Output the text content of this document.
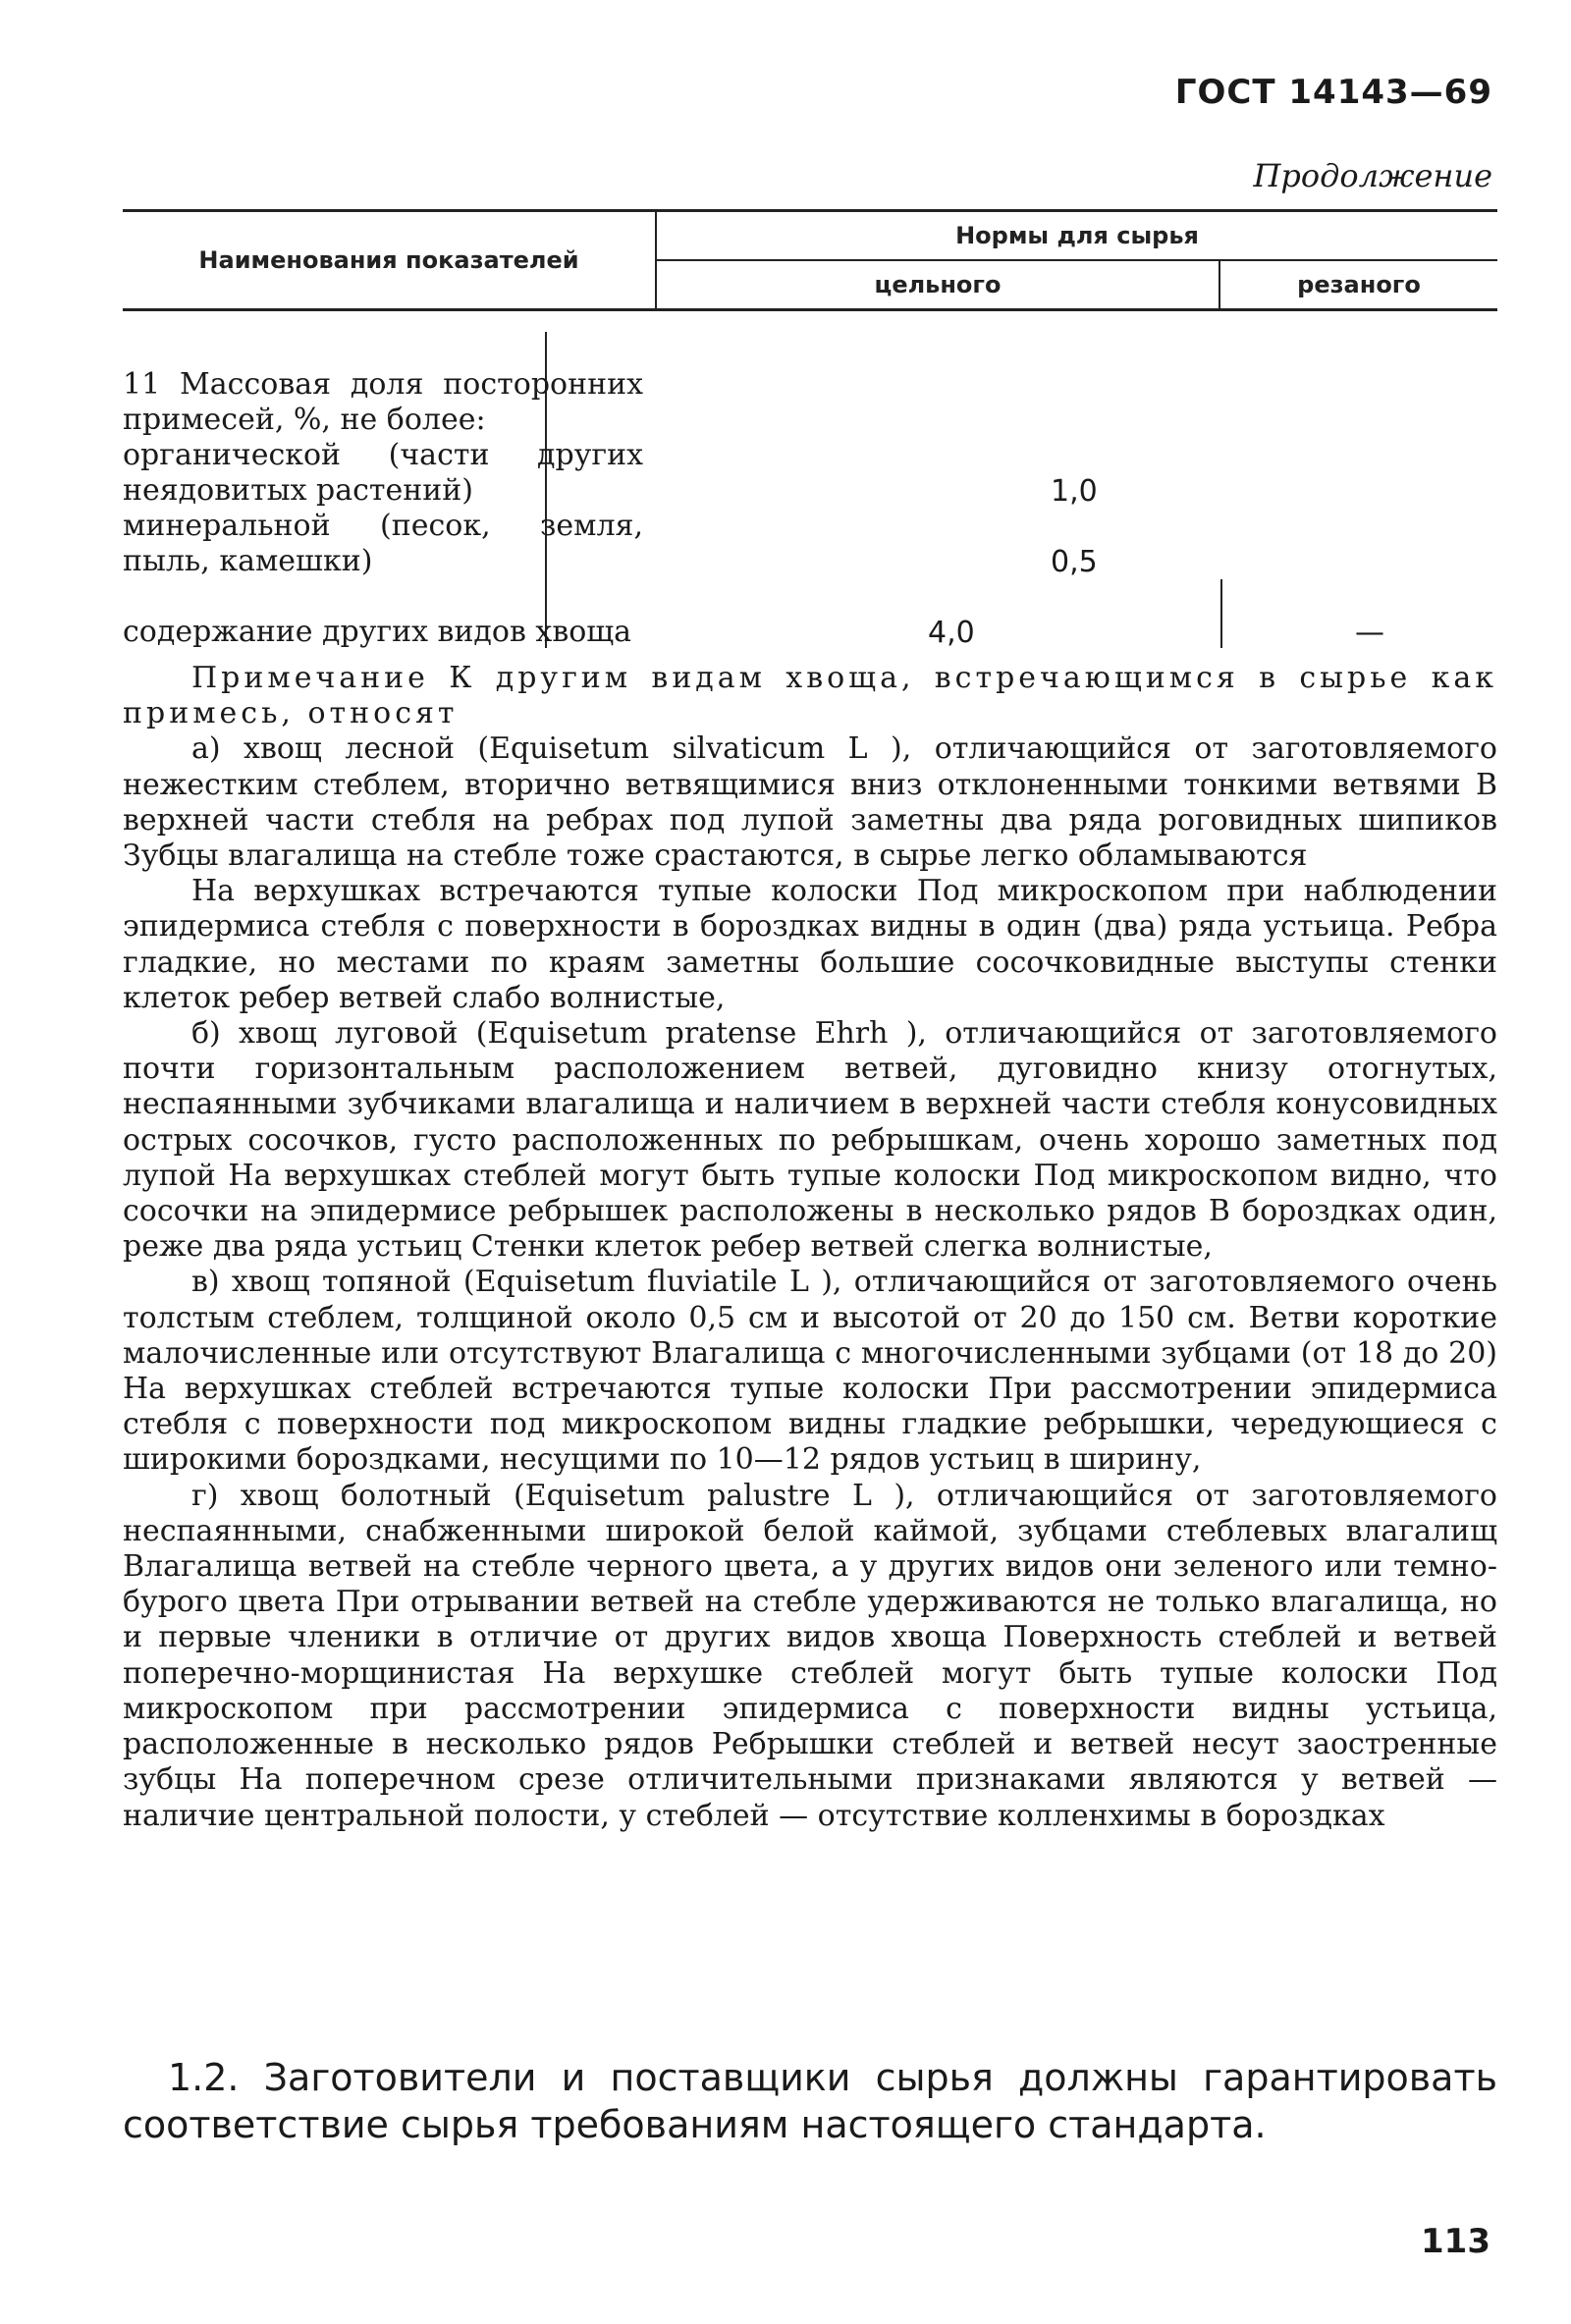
ГОСТ 14143—69
Продолжение
Наименования показателей	Нормы для сырья	
	цельного	резаного
11 Массовая доля посторонних примесей, %, не более:
органической (части других неядовитых растений)	1,0
минеральной (песок, земля, пыль, камешки)	0,5
содержание других видов хвоща	4,0	—

Примечание К другим видам хвоща, встречающимся в сырье как примесь, относят

а) хвощ лесной (Equisetum silvaticum L ), отличающийся от заготовляемого нежестким стеблем, вторично ветвящимися вниз отклоненными тонкими ветвями В верхней части стебля на ребрах под лупой заметны два ряда роговидных шипиков Зубцы влагалища на стебле тоже срастаются, в сырье легко обламываются

На верхушках встречаются тупые колоски Под микроскопом при наблюдении эпидермиса стебля с поверхности в бороздках видны в один (два) ряда устьица. Ребра гладкие, но местами по краям заметны большие сосочковидные выступы стенки клеток ребер ветвей слабо волнистые,

б) хвощ луговой (Equisetum pratense Ehrh ), отличающийся от заготовляемого почти горизонтальным расположением ветвей, дуговидно книзу отогнутых, неспаянными зубчиками влагалища и наличием в верхней части стебля конусовидных острых сосочков, густо расположенных по ребрышкам, очень хорошо заметных под лупой На верхушках стеблей могут быть тупые колоски Под микроскопом видно, что сосочки на эпидермисе ребрышек расположены в несколько рядов В бороздках один, реже два ряда устьиц Стенки клеток ребер ветвей слегка волнистые,

в) хвощ топяной (Equisetum fluviatile L ), отличающийся от заготовляемого очень толстым стеблем, толщиной около 0,5 см и высотой от 20 до 150 см. Ветви короткие малочисленные или отсутствуют Влагалища с многочисленными зубцами (от 18 до 20) На верхушках стеблей встречаются тупые колоски При рассмотрении эпидермиса стебля с поверхности под микроскопом видны гладкие ребрышки, чередующиеся с широкими бороздками, несущими по 10—12 рядов устьиц в ширину,

г) хвощ болотный (Equisetum palustre L ), отличающийся от заготовляемого неспаянными, снабженными широкой белой каймой, зубцами стеблевых влагалищ Влагалища ветвей на стебле черного цвета, а у других видов они зеленого или темно-бурого цвета При отрывании ветвей на стебле удерживаются не только влагалища, но и первые членики в отличие от других видов хвоща Поверхность стеблей и ветвей поперечно-морщинистая На верхушке стеблей могут быть тупые колоски Под микроскопом при рассмотрении эпидермиса с поверхности видны устьица, расположенные в несколько рядов Ребрышки стеблей и ветвей несут заостренные зубцы На поперечном срезе отличительными признаками являются у ветвей — наличие центральной полости, у стеблей — отсутствие колленхимы в бороздках

1.2. Заготовители и поставщики сырья должны гарантировать соответствие сырья требованиям настоящего стандарта.

113
